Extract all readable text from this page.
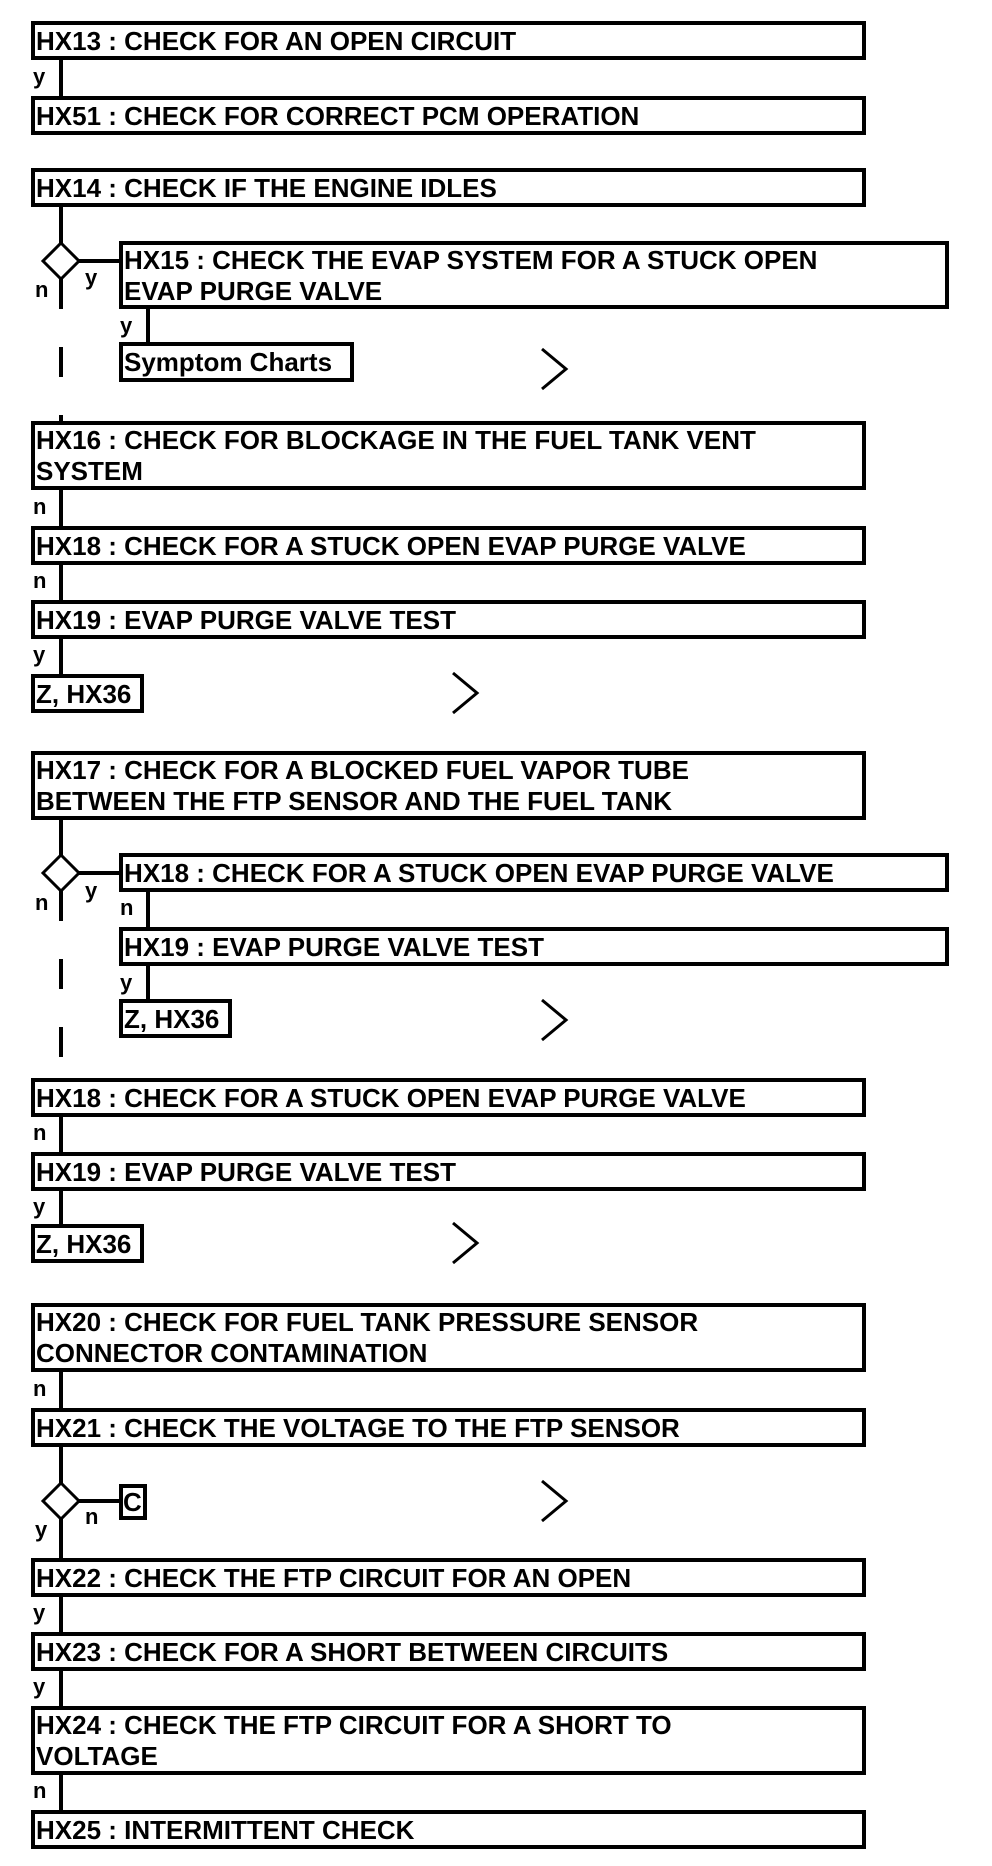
HX13 : CHECK FOR AN OPEN CIRCUIT
y
HX51 : CHECK FOR CORRECT PCM OPERATION
HX14 : CHECK IF THE ENGINE IDLES
y
n
HX15 : CHECK THE EVAP SYSTEM FOR A STUCK OPEN
EVAP PURGE VALVE
y
Symptom Charts
HX16 : CHECK FOR BLOCKAGE IN THE FUEL TANK VENT
SYSTEM
n
HX18 : CHECK FOR A STUCK OPEN EVAP PURGE VALVE
n
HX19 : EVAP PURGE VALVE TEST
y
Z, HX36
HX17 : CHECK FOR A BLOCKED FUEL VAPOR TUBE
BETWEEN THE FTP SENSOR AND THE FUEL TANK
y
n
HX18 : CHECK FOR A STUCK OPEN EVAP PURGE VALVE
n
HX19 : EVAP PURGE VALVE TEST
y
Z, HX36
HX18 : CHECK FOR A STUCK OPEN EVAP PURGE VALVE
n
HX19 : EVAP PURGE VALVE TEST
y
Z, HX36
HX20 : CHECK FOR FUEL TANK PRESSURE SENSOR
CONNECTOR CONTAMINATION
n
HX21 : CHECK THE VOLTAGE TO THE FTP SENSOR
n
y
C
HX22 : CHECK THE FTP CIRCUIT FOR AN OPEN
y
HX23 : CHECK FOR A SHORT BETWEEN CIRCUITS
y
HX24 : CHECK THE FTP CIRCUIT FOR A SHORT TO
VOLTAGE
n
HX25 : INTERMITTENT CHECK
